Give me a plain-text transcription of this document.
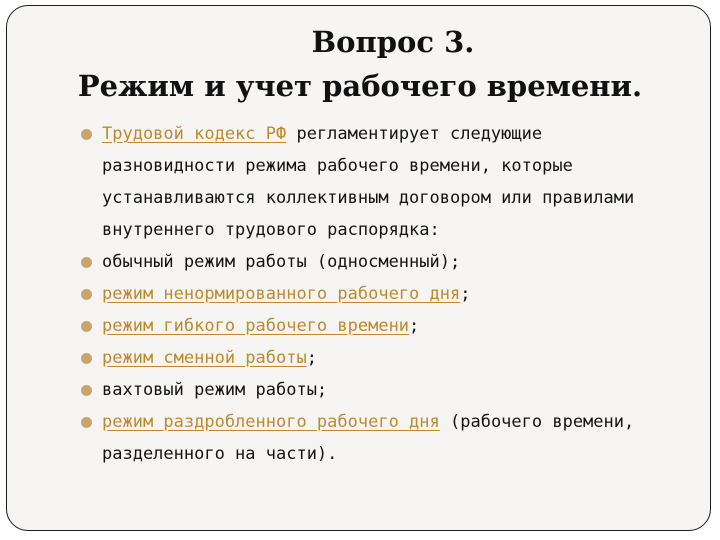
Вопрос 3.
Режим и учет рабочего времени.
Трудовой кодекс РФ регламентирует следующие разновидности режима рабочего времени, которые устанавливаются коллективным договором или правилами внутреннего трудового распорядка:
обычный режим работы (односменный);
режим ненормированного рабочего дня;
режим гибкого рабочего времени;
режим сменной работы;
вахтовый режим работы;
режим раздробленного рабочего дня (рабочего времени, разделенного на части).
